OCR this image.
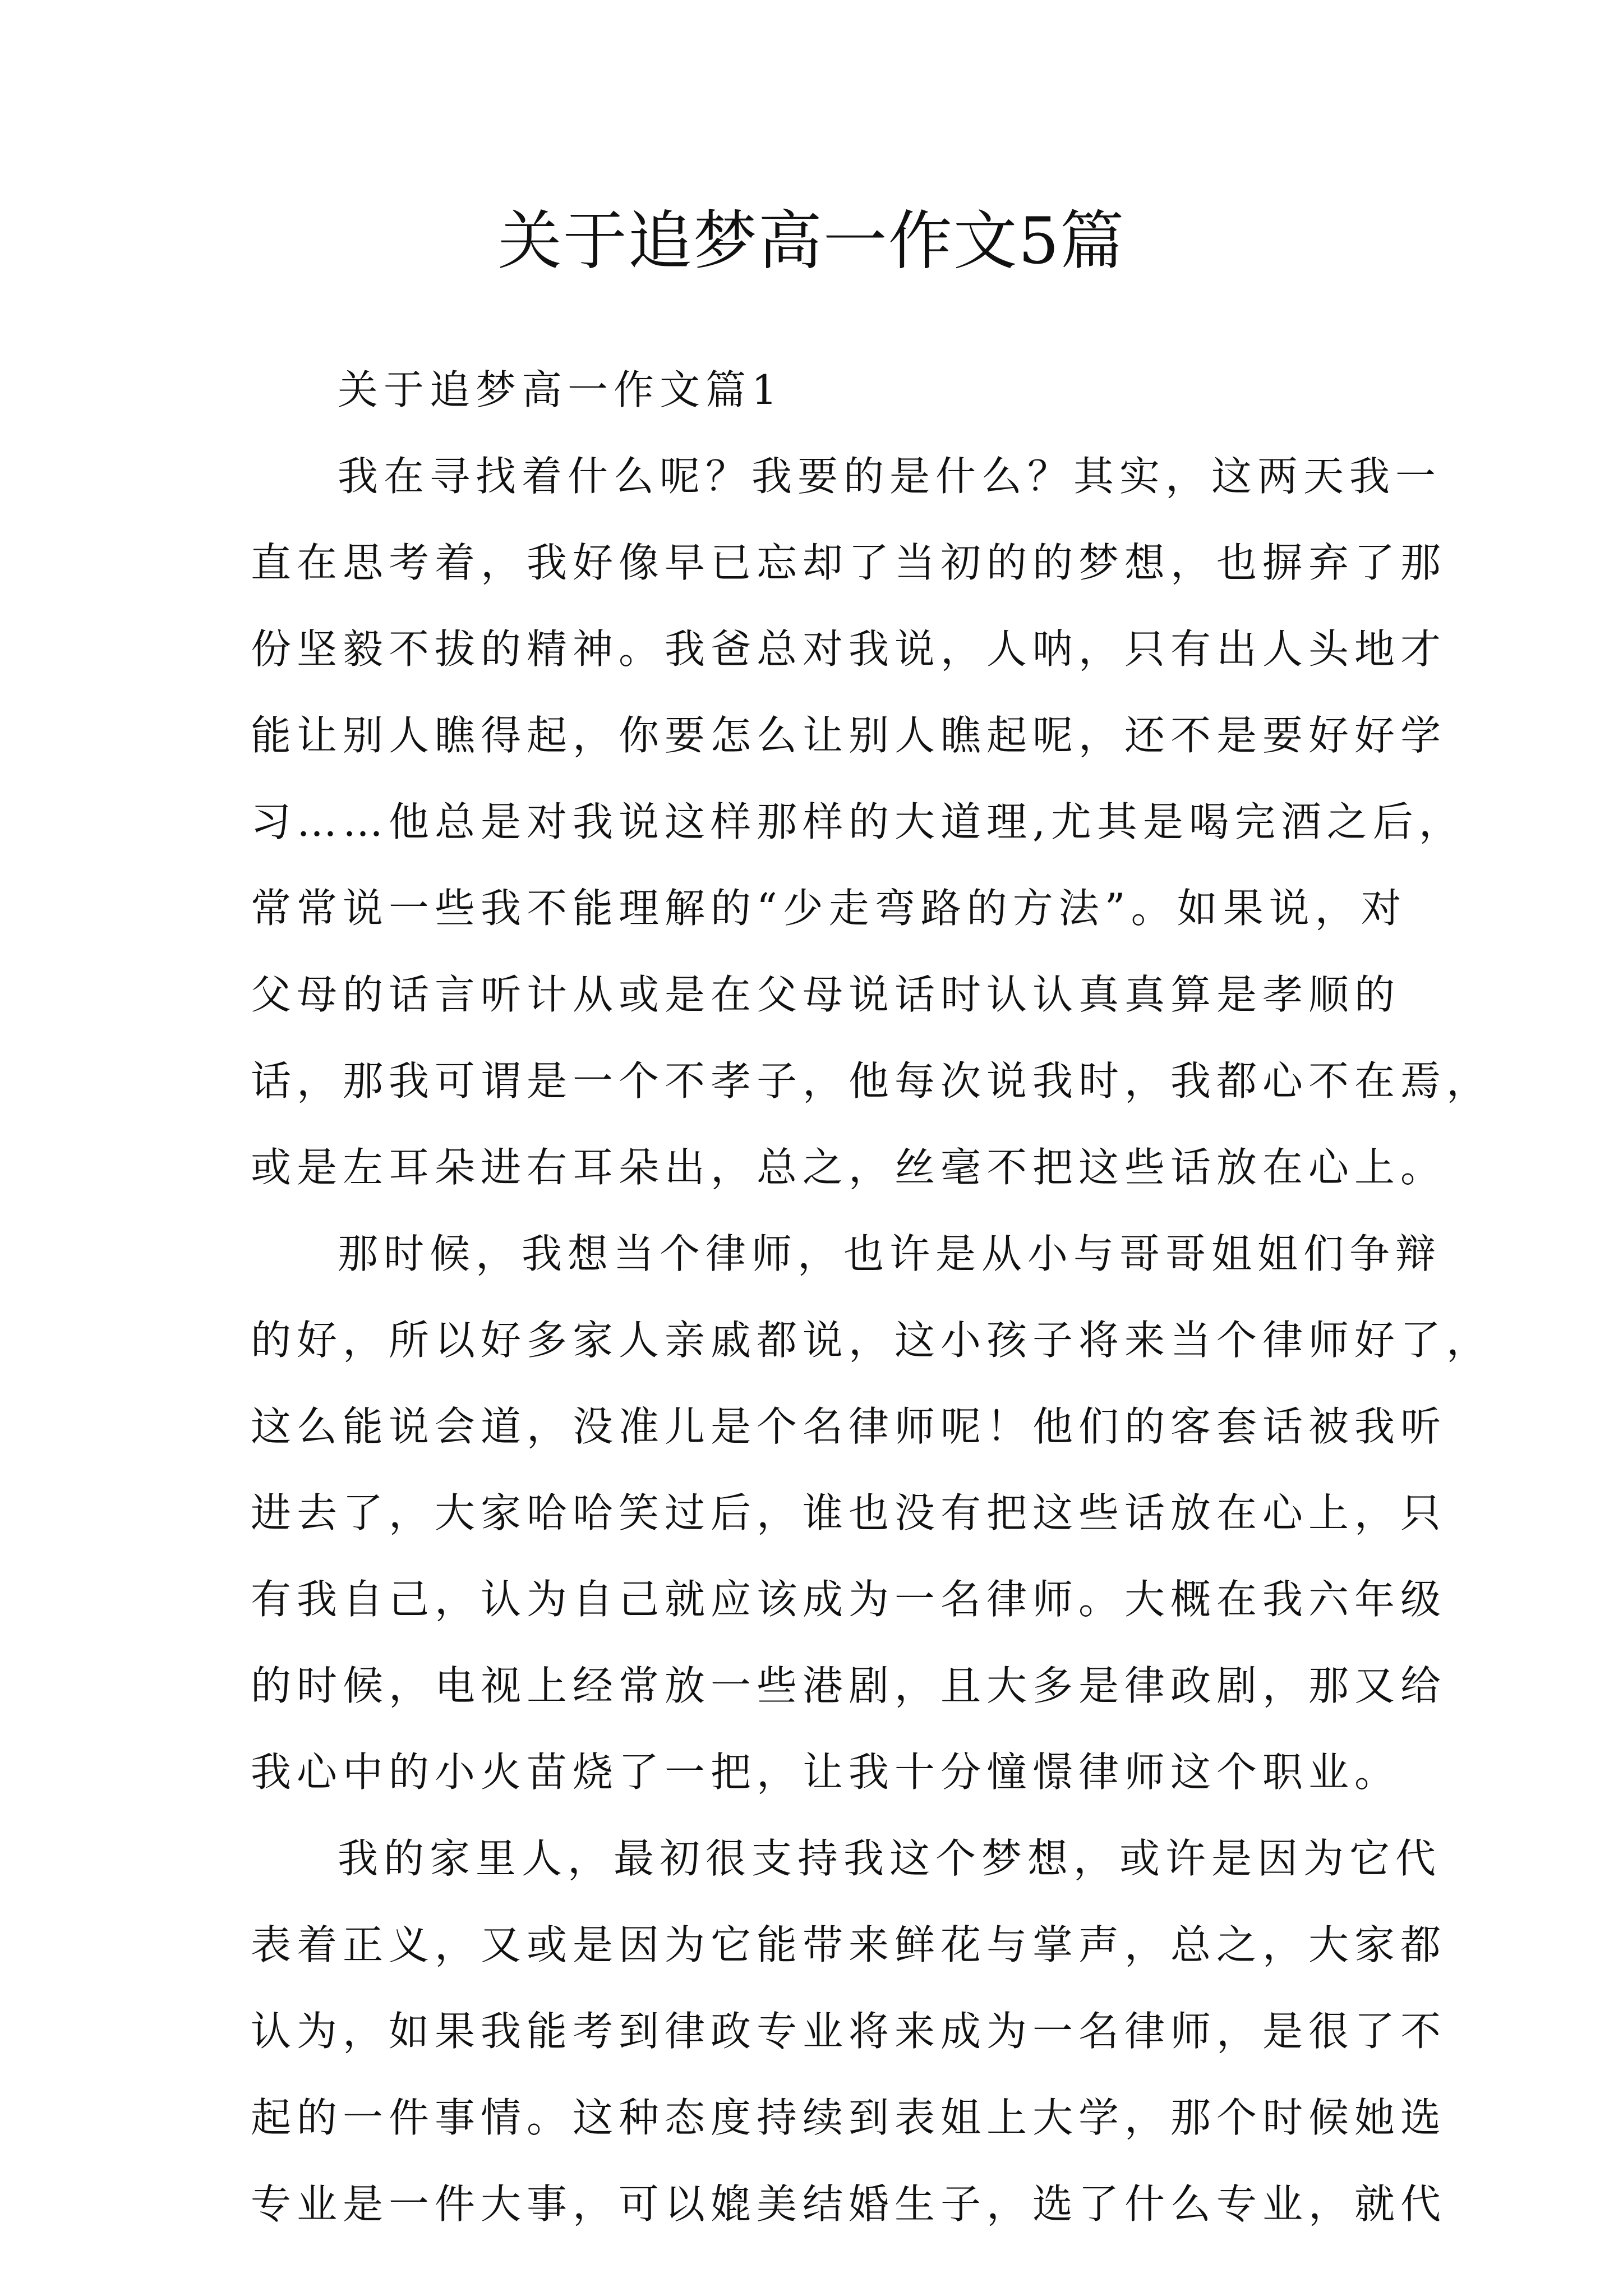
关于追梦高一作文5篇
关于追梦高一作文篇1
我在寻找着什么呢？我要的是什么？其实，这两天我一
直在思考着，我好像早已忘却了当初的的梦想，也摒弃了那
份坚毅不拔的精神。我爸总对我说，人呐，只有出人头地才
能让别人瞧得起，你要怎么让别人瞧起呢，还不是要好好学
习……他总是对我说这样那样的大道理,尤其是喝完酒之后，
常常说一些我不能理解的“少走弯路的方法”。如果说，对
父母的话言听计从或是在父母说话时认认真真算是孝顺的
话，那我可谓是一个不孝子，他每次说我时，我都心不在焉，
或是左耳朵进右耳朵出，总之，丝毫不把这些话放在心上。
那时候，我想当个律师，也许是从小与哥哥姐姐们争辩
的好，所以好多家人亲戚都说，这小孩子将来当个律师好了，
这么能说会道，没准儿是个名律师呢！他们的客套话被我听
进去了，大家哈哈笑过后，谁也没有把这些话放在心上，只
有我自己，认为自己就应该成为一名律师。大概在我六年级
的时候，电视上经常放一些港剧，且大多是律政剧，那又给
我心中的小火苗烧了一把，让我十分憧憬律师这个职业。
我的家里人，最初很支持我这个梦想，或许是因为它代
表着正义，又或是因为它能带来鲜花与掌声，总之，大家都
认为，如果我能考到律政专业将来成为一名律师，是很了不
起的一件事情。这种态度持续到表姐上大学，那个时候她选
专业是一件大事，可以媲美结婚生子，选了什么专业，就代
